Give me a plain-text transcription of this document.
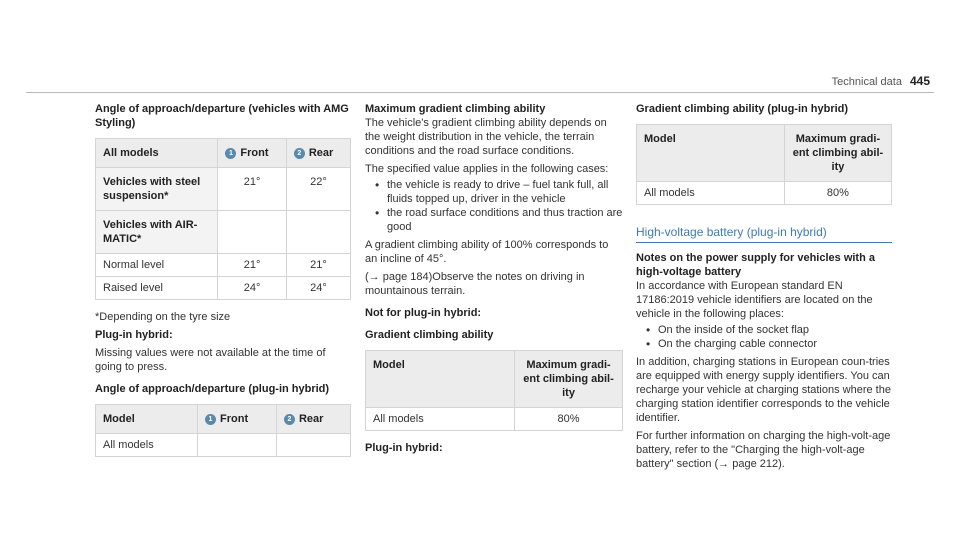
Technical data 445

Angle of approach/departure (vehicles with AMG Styling)

All models	1 Front	2 Rear
Vehicles with steel suspension*	21°	22°
Vehicles with AIR-MATIC*		
Normal level	21°	21°
Raised level	24°	24°

*Depending on the tyre size

Plug-in hybrid:

Missing values were not available at the time of going to press.

Angle of approach/departure (plug-in hybrid)

Model	1 Front	2 Rear
All models		

Maximum gradient climbing ability

The vehicle's gradient climbing ability depends on the weight distribution in the vehicle, the terrain conditions and the road surface conditions.

The specified value applies in the following cases:

• the vehicle is ready to drive – fuel tank full, all fluids topped up, driver in the vehicle
• the road surface conditions and thus traction are good

A gradient climbing ability of 100% corresponds to an incline of 45°.

(→ page 184)Observe the notes on driving in mountainous terrain.

Not for plug-in hybrid:

Gradient climbing ability

Model	Maximum gradi-ent climbing abil-ity
All models	80%

Plug-in hybrid:

Gradient climbing ability (plug-in hybrid)

Model	Maximum gradi-ent climbing abil-ity
All models	80%

High-voltage battery (plug-in hybrid)

Notes on the power supply for vehicles with a high-voltage battery

In accordance with European standard EN 17186:2019 vehicle identifiers are located on the vehicle in the following places:

• On the inside of the socket flap
• On the charging cable connector

In addition, charging stations in European coun-tries are equipped with energy supply identifiers. You can recharge your vehicle at charging stations where the charging station identifier corresponds to the vehicle identifier.

For further information on charging the high-volt-age battery, refer to the "Charging the high-volt-age battery" section (→ page 212).
